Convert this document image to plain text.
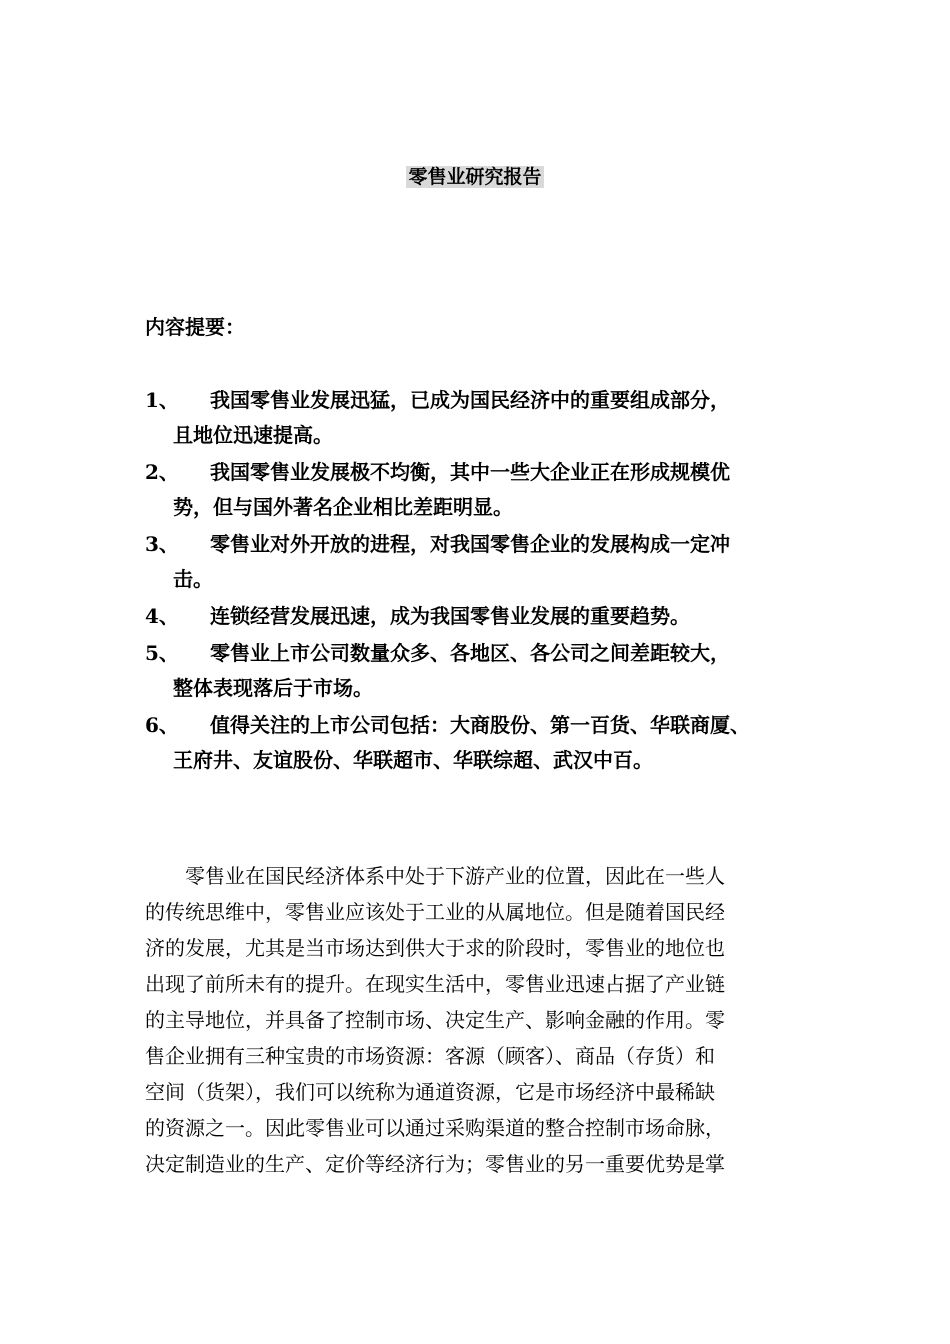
零售业研究报告
内容提要：
1、	我国零售业发展迅猛，已成为国民经济中的重要组成部分，
且地位迅速提高。
2、	我国零售业发展极不均衡，其中一些大企业正在形成规模优
势，但与国外著名企业相比差距明显。
3、	零售业对外开放的进程，对我国零售企业的发展构成一定冲
击。
4、	连锁经营发展迅速，成为我国零售业发展的重要趋势。
5、	零售业上市公司数量众多、各地区、各公司之间差距较大，
整体表现落后于市场。
6、	值得关注的上市公司包括：大商股份、第一百货、华联商厦、
王府井、友谊股份、华联超市、华联综超、武汉中百。

零售业在国民经济体系中处于下游产业的位置，因此在一些人
的传统思维中，零售业应该处于工业的从属地位。但是随着国民经
济的发展，尤其是当市场达到供大于求的阶段时，零售业的地位也
出现了前所未有的提升。在现实生活中，零售业迅速占据了产业链
的主导地位，并具备了控制市场、决定生产、影响金融的作用。零
售企业拥有三种宝贵的市场资源：客源（顾客）、商品（存货）和
空间（货架），我们可以统称为通道资源，它是市场经济中最稀缺
的资源之一。因此零售业可以通过采购渠道的整合控制市场命脉，
决定制造业的生产、定价等经济行为；零售业的另一重要优势是掌
